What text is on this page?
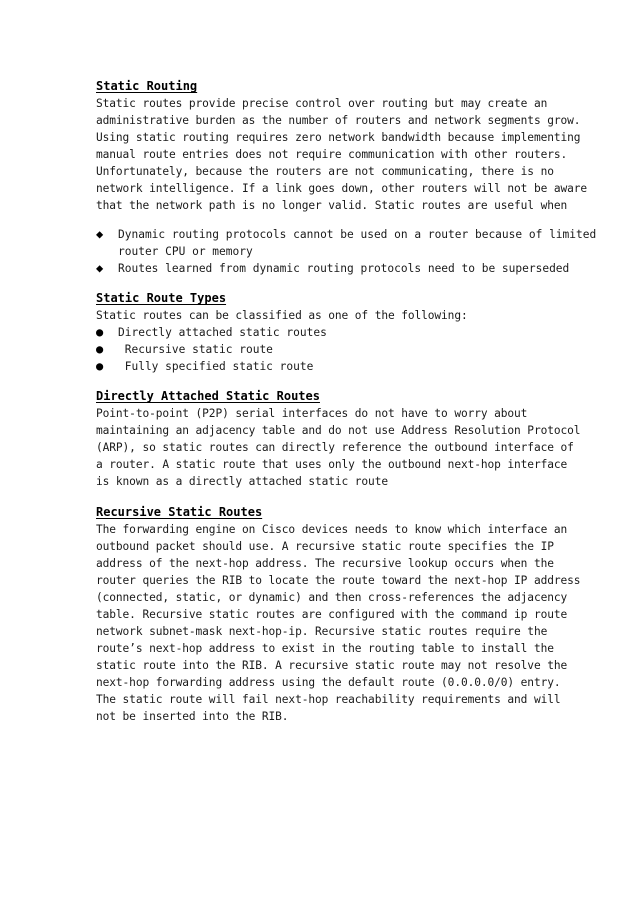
Static Routing

Static routes provide precise control over routing but may create an
administrative burden as the number of routers and network segments grow.
Using static routing requires zero network bandwidth because implementing
manual route entries does not require communication with other routers.
Unfortunately, because the routers are not communicating, there is no
network intelligence. If a link goes down, other routers will not be aware
that the network path is no longer valid. Static routes are useful when

◆	Dynamic routing protocols cannot be used on a router because of limited
router CPU or memory
◆	Routes learned from dynamic routing protocols need to be superseded

Static Route Types

Static routes can be classified as one of the following:

●	Directly attached static routes
●	Recursive static route
●	Fully specified static route

Directly Attached Static Routes

Point-to-point (P2P) serial interfaces do not have to worry about
maintaining an adjacency table and do not use Address Resolution Protocol
(ARP), so static routes can directly reference the outbound interface of
a router. A static route that uses only the outbound next-hop interface
is known as a directly attached static route

Recursive Static Routes

The forwarding engine on Cisco devices needs to know which interface an
outbound packet should use. A recursive static route specifies the IP
address of the next-hop address. The recursive lookup occurs when the
router queries the RIB to locate the route toward the next-hop IP address
(connected, static, or dynamic) and then cross-references the adjacency
table. Recursive static routes are configured with the command ip route
network subnet-mask next-hop-ip. Recursive static routes require the
route’s next-hop address to exist in the routing table to install the
static route into the RIB. A recursive static route may not resolve the
next-hop forwarding address using the default route (0.0.0.0/0) entry.
The static route will fail next-hop reachability requirements and will
not be inserted into the RIB.
